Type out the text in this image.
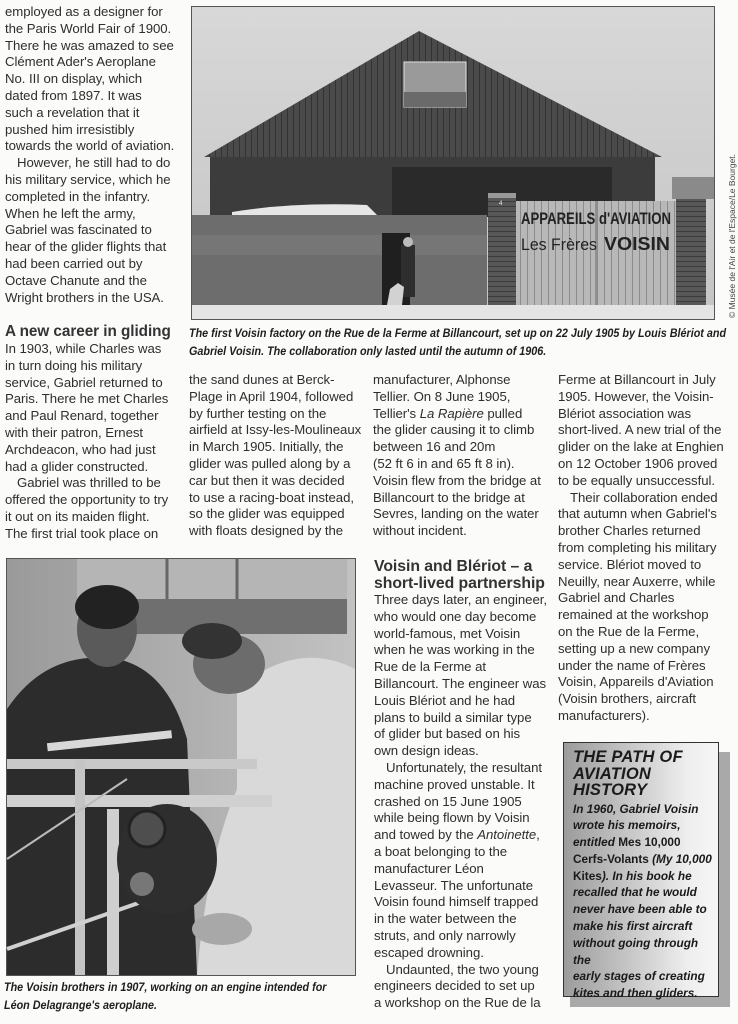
employed as a designer for
the Paris World Fair of 1900.
There he was amazed to see
Clément Ader's Aeroplane
No. III on display, which
dated from 1897. It was
such a revelation that it
pushed him irresistibly
towards the world of aviation.

However, he still had to do
his military service, which he
completed in the infantry.
When he left the army,
Gabriel was fascinated to
hear of the glider flights that
had been carried out by
Octave Chanute and the
Wright brothers in the USA.

A new career in gliding

In 1903, while Charles was
in turn doing his military
service, Gabriel returned to
Paris. There he met Charles
and Paul Renard, together
with their patron, Ernest
Archdeacon, who had just
had a glider constructed.

Gabriel was thrilled to be
offered the opportunity to try
it out on its maiden flight.
The first trial took place on

4
APPAREILS d'AVIATION
Les Frères VOISIN	© Musée de l'Air et de l'Espace/Le Bourget.
The first Voisin factory on the Rue de la Ferme at Billancourt, set up on 22 July 1905 by Louis Blériot and
Gabriel Voisin. The collaboration only lasted until the autumn of 1906.

the sand dunes at Berck-
Plage in April 1904, followed
by further testing on the
airfield at Issy-les-Moulineaux
in March 1905. Initially, the
glider was pulled along by a
car but then it was decided
to use a racing-boat instead,
so the glider was equipped
with floats designed by the

manufacturer, Alphonse
Tellier. On 8 June 1905,
Tellier's La Rapière pulled
the glider causing it to climb
between 16 and 20m
(52 ft 6 in and 65 ft 8 in).
Voisin flew from the bridge at
Billancourt to the bridge at
Sevres, landing on the water
without incident.

Voisin and Blériot – a
short-lived partnership

Three days later, an engineer,
who would one day become
world-famous, met Voisin
when he was working in the
Rue de la Ferme at
Billancourt. The engineer was
Louis Blériot and he had
plans to build a similar type
of glider but based on his
own design ideas.

Unfortunately, the resultant
machine proved unstable. It
crashed on 15 June 1905
while being flown by Voisin
and towed by the Antoinette,
a boat belonging to the
manufacturer Léon
Levasseur. The unfortunate
Voisin found himself trapped
in the water between the
struts, and only narrowly
escaped drowning.

Undaunted, the two young
engineers decided to set up
a workshop on the Rue de la

Ferme at Billancourt in July
1905. However, the Voisin-
Blériot association was
short-lived. A new trial of the
glider on the lake at Enghien
on 12 October 1906 proved
to be equally unsuccessful.

Their collaboration ended
that autumn when Gabriel's
brother Charles returned
from completing his military
service. Blériot moved to
Neuilly, near Auxerre, while
Gabriel and Charles
remained at the workshop
on the Rue de la Ferme,
setting up a new company
under the name of Frères
Voisin, Appareils d'Aviation
(Voisin brothers, aircraft
manufacturers).

The Voisin brothers in 1907, working on an engine intended for
Léon Delagrange's aeroplane.
THE PATH OF
AVIATION
HISTORY

In 1960, Gabriel Voisin
wrote his memoirs,
entitled Mes 10,000
Cerfs-Volants (My 10,000
Kites). In his book he
recalled that he would
never have been able to
make his first aircraft
without going through the
early stages of creating
kites and then gliders.
